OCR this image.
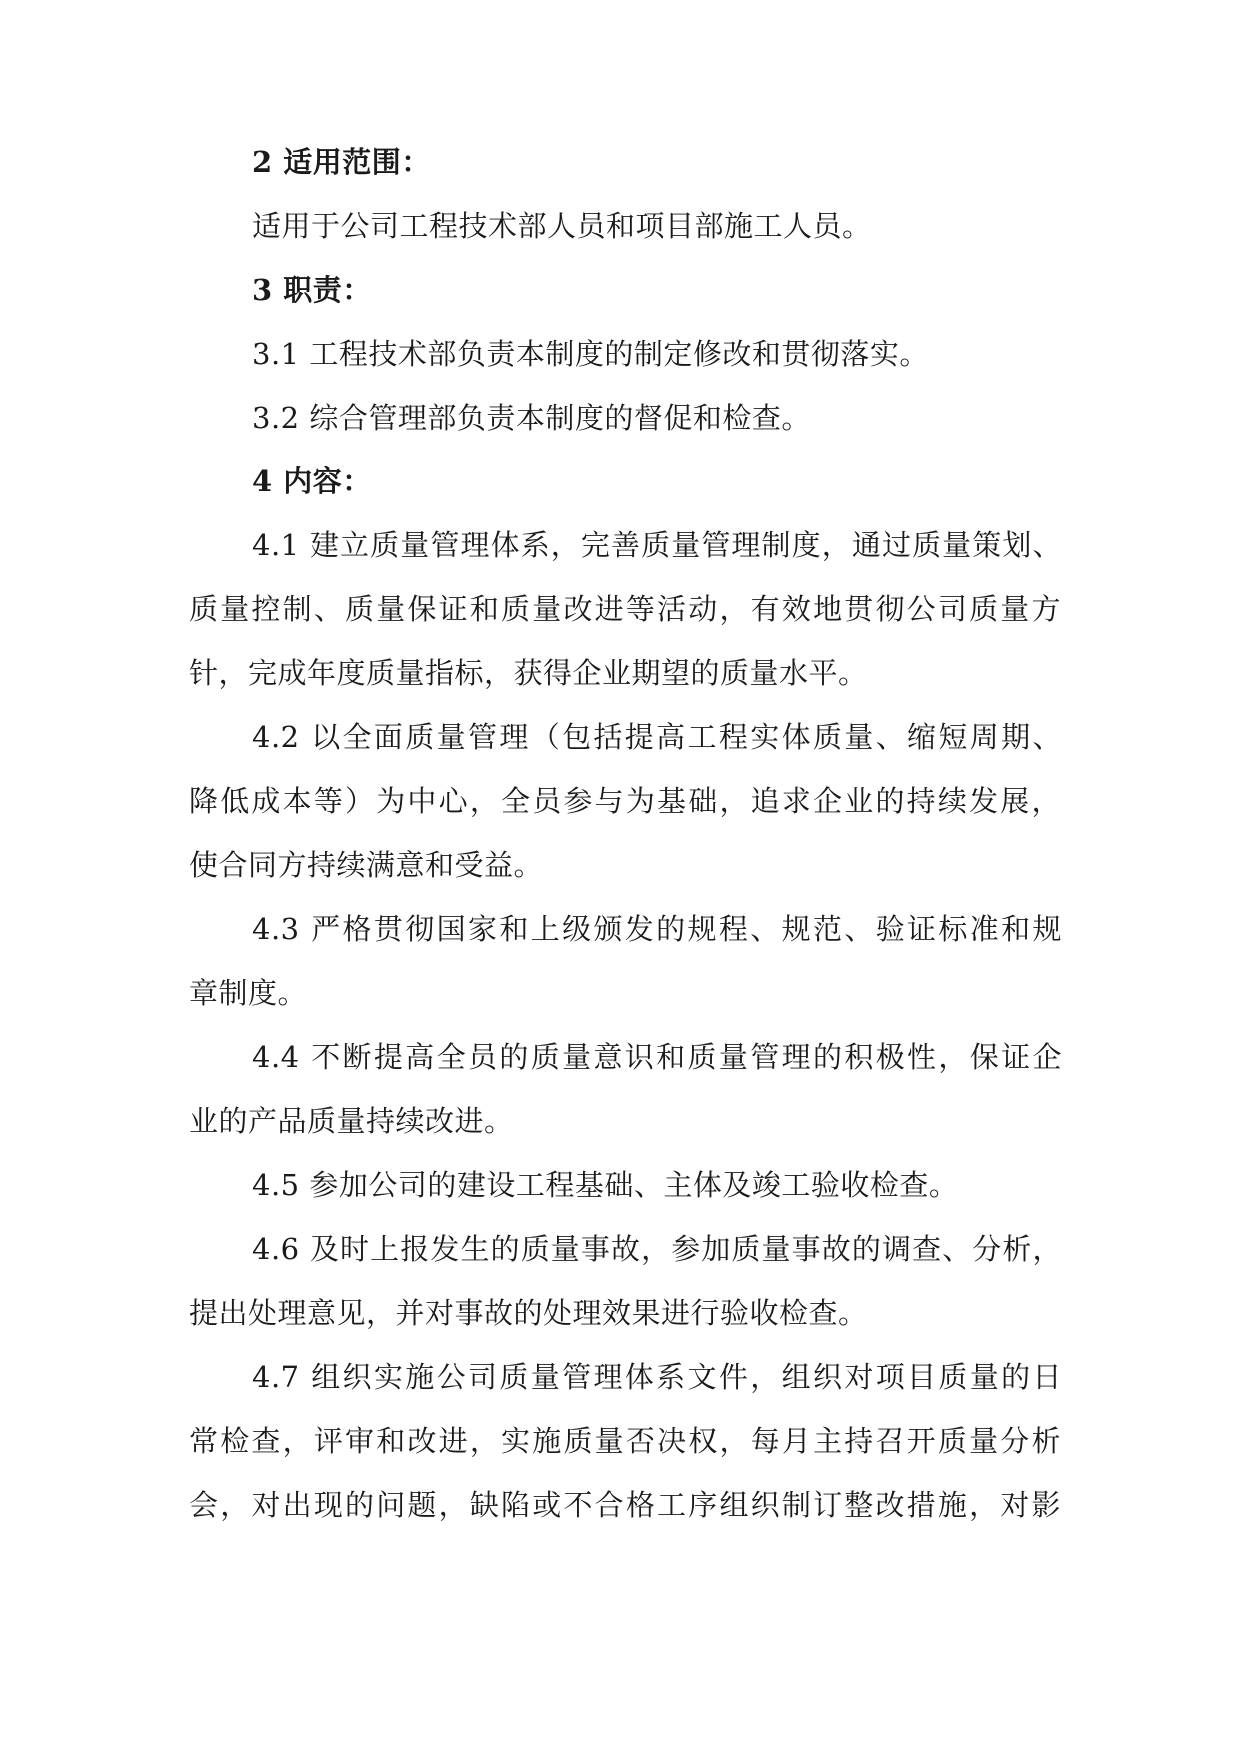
2 适用范围：
适用于公司工程技术部人员和项目部施工人员。
3 职责：
3.1 工程技术部负责本制度的制定修改和贯彻落实。
3.2 综合管理部负责本制度的督促和检查。
4 内容：
4.1 建立质量管理体系，完善质量管理制度，通过质量策划、
质量控制、质量保证和质量改进等活动，有效地贯彻公司质量方
针，完成年度质量指标，获得企业期望的质量水平。
4.2 以全面质量管理（包括提高工程实体质量、缩短周期、
降低成本等）为中心，全员参与为基础，追求企业的持续发展，
使合同方持续满意和受益。
4.3 严格贯彻国家和上级颁发的规程、规范、验证标准和规
章制度。
4.4 不断提高全员的质量意识和质量管理的积极性，保证企
业的产品质量持续改进。
4.5 参加公司的建设工程基础、主体及竣工验收检查。
4.6 及时上报发生的质量事故，参加质量事故的调查、分析，
提出处理意见，并对事故的处理效果进行验收检查。
4.7 组织实施公司质量管理体系文件，组织对项目质量的日
常检查，评审和改进，实施质量否决权，每月主持召开质量分析
会，对出现的问题，缺陷或不合格工序组织制订整改措施，对影
